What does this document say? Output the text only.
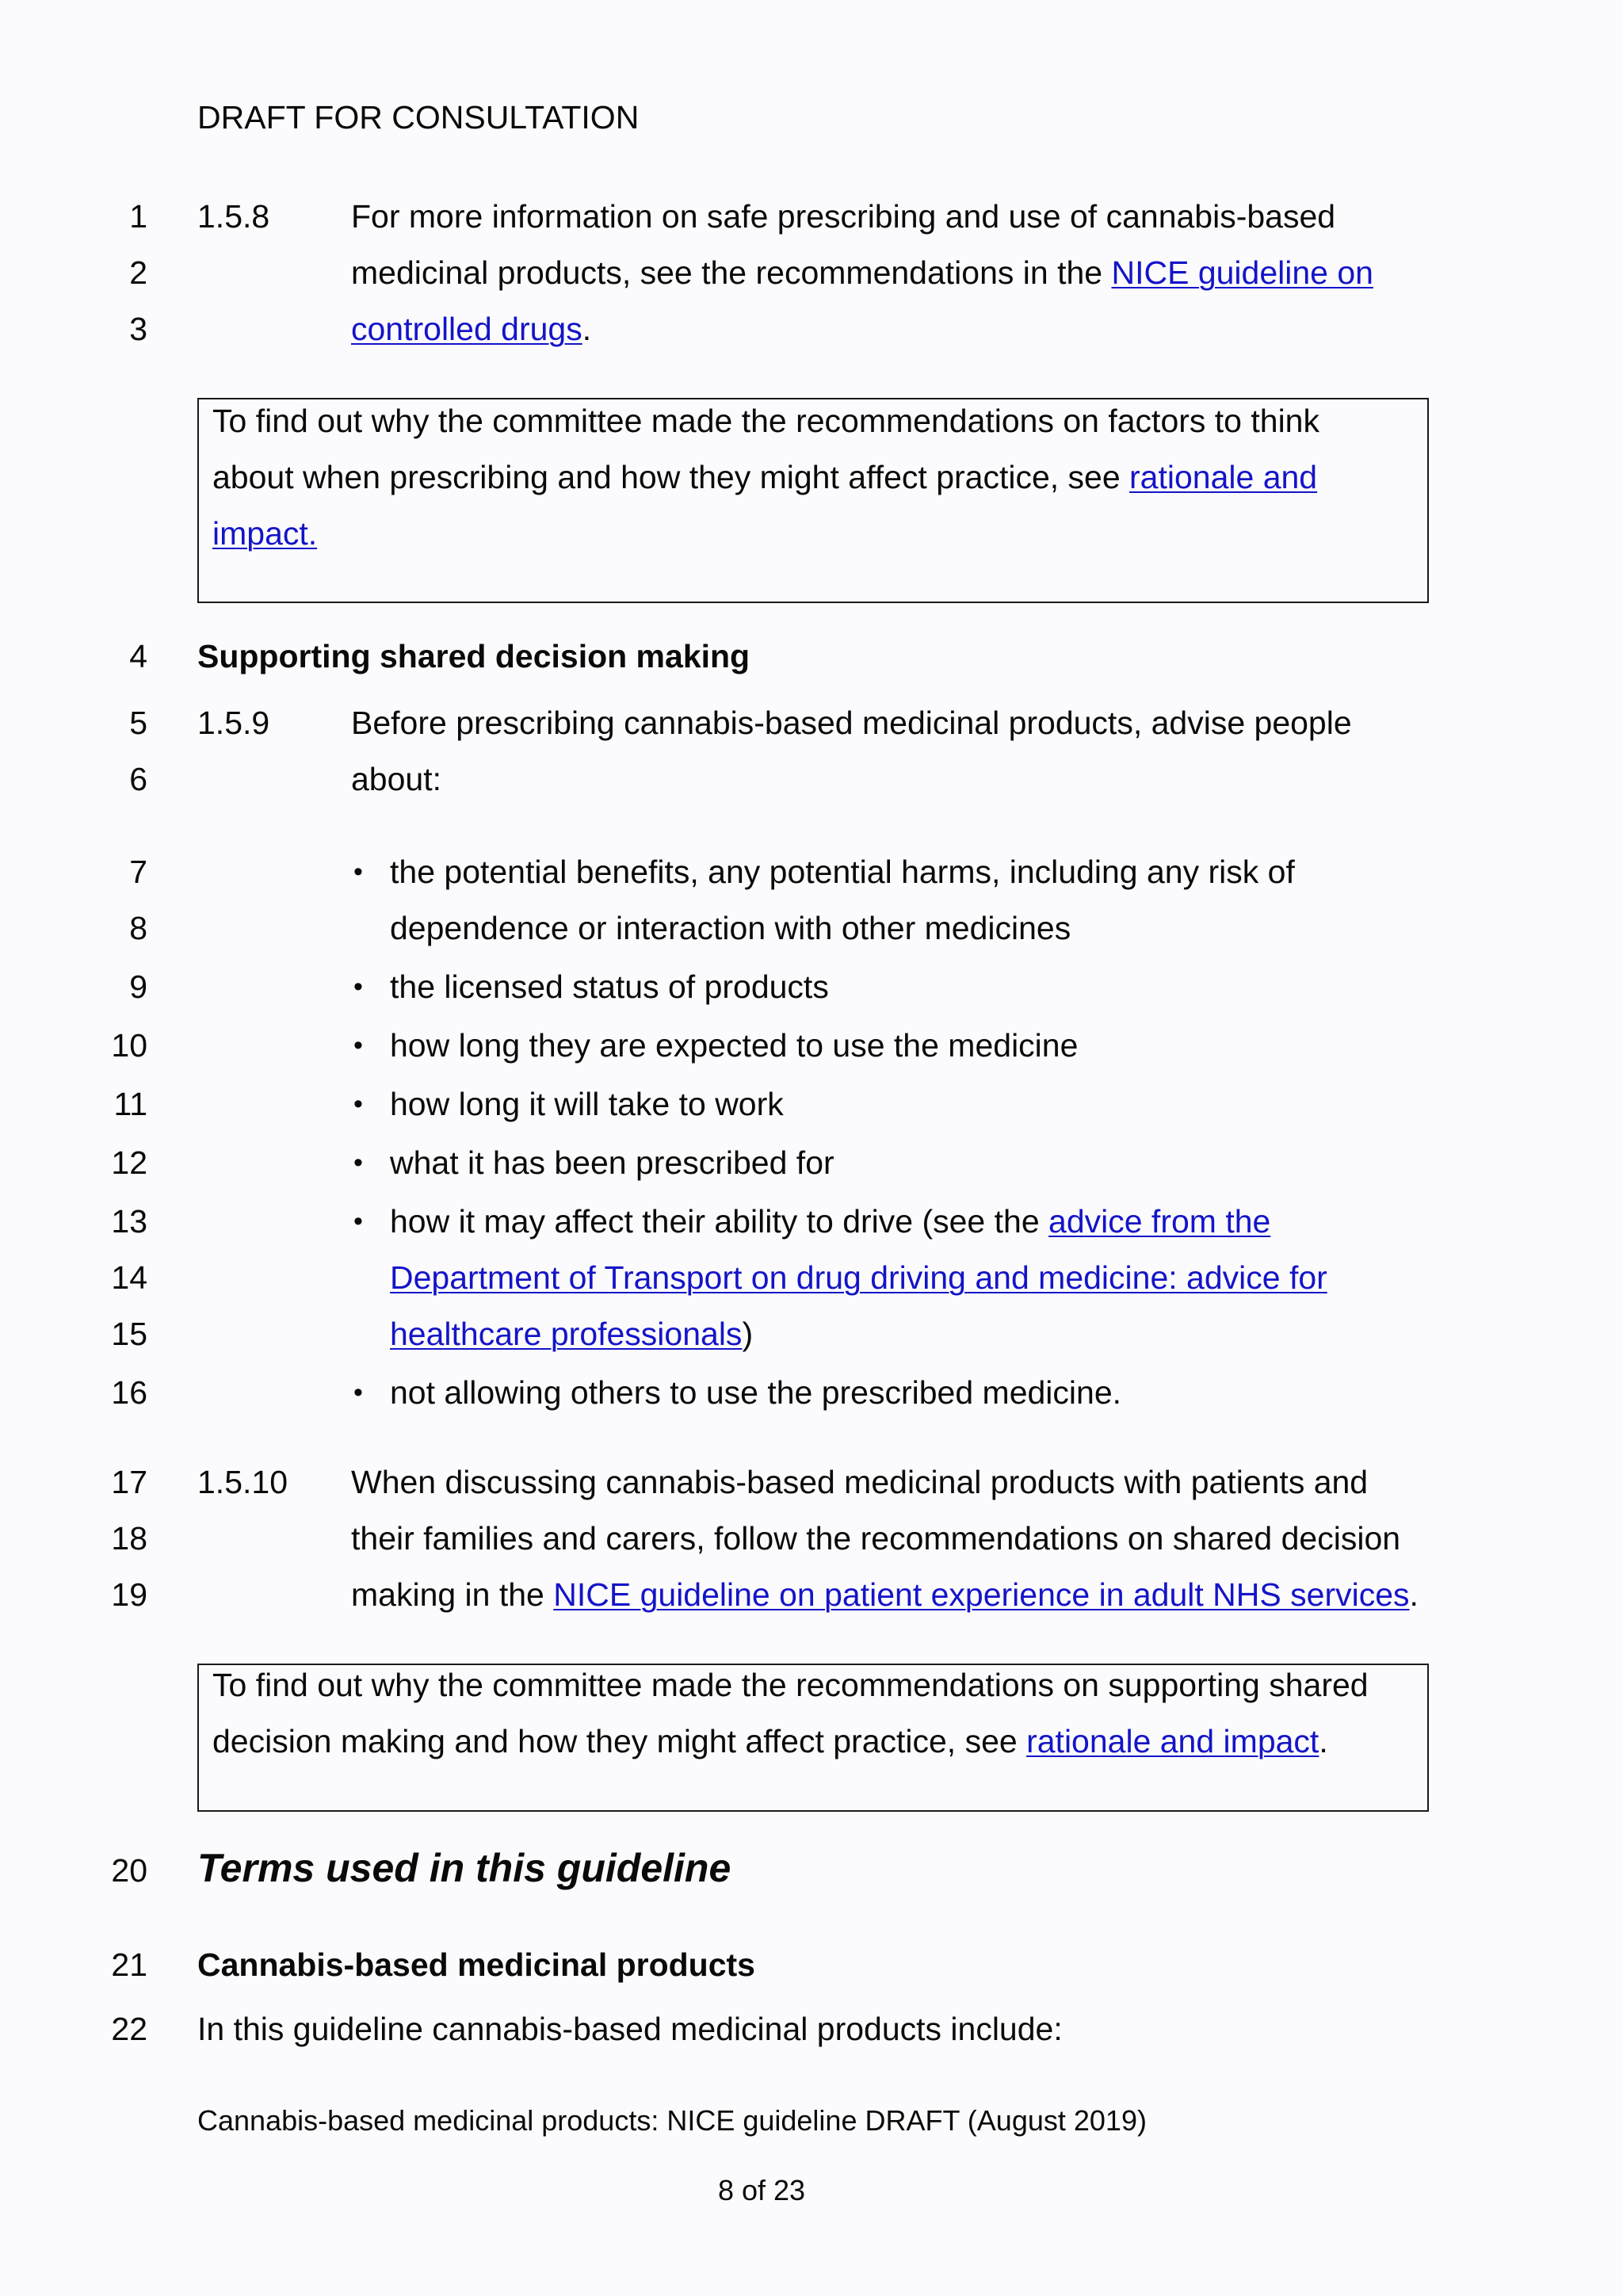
DRAFT FOR CONSULTATION
1
2
3
4
5
6
7
8
9
10
11
12
13
14
15
16
17
18
19
20
21
22
1.5.8	For more information on safe prescribing and use of cannabis-based
medicinal products, see the recommendations in the NICE guideline on
controlled drugs.
To find out why the committee made the recommendations on factors to think
about when prescribing and how they might affect practice, see rationale and
impact.
Supporting shared decision making
1.5.9	Before prescribing cannabis-based medicinal products, advise people
about:
• the potential benefits, any potential harms, including any risk of
dependence or interaction with other medicines
• the licensed status of products
• how long they are expected to use the medicine
• how long it will take to work
• what it has been prescribed for
• how it may affect their ability to drive (see the advice from the
Department of Transport on drug driving and medicine: advice for
healthcare professionals)
• not allowing others to use the prescribed medicine.
1.5.10 When discussing cannabis-based medicinal products with patients and
their families and carers, follow the recommendations on shared decision
making in the NICE guideline on patient experience in adult NHS services.
To find out why the committee made the recommendations on supporting shared
decision making and how they might affect practice, see rationale and impact.
Terms used in this guideline
Cannabis-based medicinal products
In this guideline cannabis-based medicinal products include:
Cannabis-based medicinal products: NICE guideline DRAFT (August 2019)
8 of 23
